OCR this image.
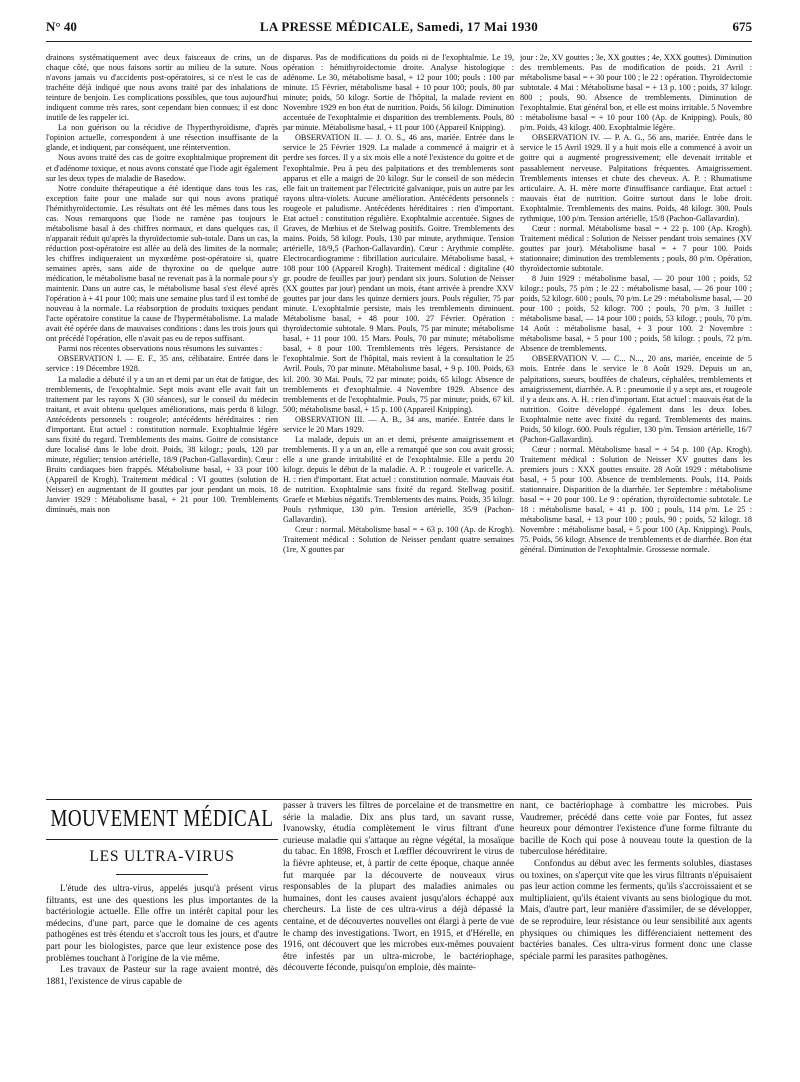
N° 40	LA PRESSE MÉDICALE, Samedi, 17 Mai 1930	675

drainons systématiquement avec deux faisceaux de crins, un de chaque côté, que nous faisons sortir au milieu de la suture. Nous n'avons jamais vu d'accidents post-opératoires, si ce n'est le cas de trachéite déjà indiqué que nous avons traité par des inhalations de teinture de benjoin. Les complications possibles, que tous aujourd'hui indiquent comme très rares, sont cependant bien connues; il est donc inutile de les rappeler ici.

La non guérison ou la récidive de l'hyperthyroïdisme, d'après l'opinion actuelle, correspondent à une résection insuffisante de la glande, et indiquent, par conséquent, une réintervention.

Nous avons traité des cas de goitre exophtalmique proprement dit et d'adénome toxique, et nous avons constaté que l'iode agit également sur les deux types de maladie de Basedow.

Notre conduite thérapeutique a été identique dans tous les cas, exception faite pour une malade sur qui nous avons pratiqué l'hémithyroïdectomie. Les résultats ont été les mêmes dans tous les cas. Nous remarquons que l'iode ne ramène pas toujours le métabolisme basal à des chiffres normaux, et dans quelques cas, il n'apparait réduit qu'après la thyroïdectomie sub-totale. Dans un cas, la réduction post-opératoire est allée au delà des limites de la normale; les chiffres indiqueraient un myxœdème post-opératoire si, quatre semaines après, sans aide de thyroxine ou de quelque autre médication, le métabolisme basal ne revenait pas à la normale pour s'y maintenir. Dans un autre cas, le métabolisme basal s'est élevé après l'opération à + 41 pour 100; mais une semaine plus tard il est tombé de nouveau à la normale. La réabsorption de produits toxiques pendant l'acte opératoire constitue la cause de l'hypermétabolisme. La malade avait été opérée dans de mauvaises conditions : dans les trois jours qui ont précédé l'opération, elle n'avait pas eu de repos suffisant.

Parmi nos récentes observations nous résumons les suivantes :

OBSERVATION I. — E. F., 35 ans, célibataire. Entrée dans le service : 19 Décembre 1928.

La maladie a débuté il y a un an et demi par un état de fatigue, des tremblements, de l'exophtalmie. Sept mois avant elle avait fait un traitement par les rayons X (30 séances), sur le conseil du médecin traitant, et avait obtenu quelques améliorations, mais perdu 8 kilogr. Antécédents personnels : rougeole; antécédents héréditaires : rien d'important. Etat actuel : constitution normale. Exophtalmie légère sans fixité du regard. Tremblements des mains. Goitre de consistance dure localisé dans le lobe droit. Poids, 38 kilogr.; pouls, 120 par minute, régulier; tension artérielle, 18/9 (Pachon-Gallavardin). Cœur : Bruits cardiaques bien frappés. Métabolisme basal, + 33 pour 100 (Appareil de Krogh). Traitement médical : VI gouttes (solution de Neisser) en augmentant de II gouttes par jour pendant un mois. 18 Janvier 1929 : Métabolisme basal, + 21 pour 100. Tremblements diminués, mais non

disparus. Pas de modifications du poids ni de l'exophtalmie. Le 19, opération : hémithyroïdectomie droite. Analyse histologique : adénome. Le 30, métabolisme basal, + 12 pour 100; pouls : 100 par minute. 15 Février, métabolisme basal + 10 pour 100; pouls, 80 par minute; poids, 50 kilogr. Sortie de l'hôpital, la malade revient en Novembre 1929 en bon état de nutrition. Poids, 56 kilogr. Diminution accentuée de l'exophtalmie et disparition des tremblements. Pouls, 80 par minute. Métabolisme basal, + 11 pour 100 (Appareil Knipping).

OBSERVATION II. — J. O. S., 46 ans, mariée. Entrée dans le service le 25 Février 1929. La malade a commencé à maigrir et à perdre ses forces. Il y a six mois elle a noté l'existence du goitre et de l'exophtalmie. Peu à peu des palpitations et des tremblements sont apparus et elle a maigri de 20 kilogr. Sur le conseil de son médecin elle fait un traitement par l'électricité galvanique, puis un autre par les rayons ultra-violets. Aucune amélioration. Antécédents personnels : rougeole et paludisme. Antécédents héréditaires : rien d'important. Etat actuel : constitution régulière. Exophtalmie accentuée. Signes de Graves, de Mœbius et de Stelwag positifs. Goitre. Tremblements des mains. Poids, 58 kilogr. Pouls, 130 par minute, arythmique. Tension artérielle, 18/9,5 (Pachon-Gallavardin). Cœur : Arythmie complète. Electrocardiogramme : fibrillation auriculaire. Métabolisme basal, + 108 pour 100 (Appareil Krogh). Traitement médical : digitaline (40 gr. poudre de feuilles par jour) pendant six jours. Solution de Neisser (XX gouttes par jour) pendant un mois, étant arrivée à prendre XXV gouttes par jour dans les quinze derniers jours. Pouls régulier, 75 par minute. L'exophtalmie persiste, mais les tremblements diminuent. Métabolisme basal, + 48 pour 100. 27 Février. Opération : thyroïdectomie subtotale. 9 Mars. Pouls, 75 par minute; métabolisme basal, + 11 pour 100. 15 Mars. Pouls, 70 par minute; métabolisme basal, + 8 pour 100. Tremblements très légers. Persistance de l'exophtalmie. Sort de l'hôpital, mais revient à la consultation le 25 Avril. Pouls, 70 par minute. Métabolisme basal, + 9 p. 100. Poids, 63 kil. 200. 30 Mai. Pouls, 72 par minute; poids, 65 kilogr. Absence de tremblements et d'exophtalmie. 4 Novembre 1929. Absence des tremblements et de l'exophtalmie. Pouls, 75 par minute; poids, 67 kil. 500; métabolisme basal, + 15 p. 100 (Appareil Knipping).

OBSERVATION III. — A. B., 34 ans, mariée. Entrée dans le service le 20 Mars 1929.

La malade, depuis un an et demi, présente amaigrissement et tremblements. Il y a un an, elle a remarqué que son cou avait grossi; elle a une grande irritabilité et de l'exophtalmie. Elle a perdu 20 kilogr. depuis le début de la maladie. A. P. : rougeole et varicelle. A. H. : rien d'important. Etat actuel : constitution normale. Mauvais état de nutrition. Exophtalmie sans fixité du regard. Stellwag positif. Graefe et Mœbius négatifs. Tremblements des mains. Poids, 35 kilogr. Pouls rythmique, 130 p/m. Tension artérielle, 35/9 (Pachon-Gallavardin).

Cœur : normal. Métabolisme basal = + 63 p. 100 (Ap. de Krogh). Traitement médical : Solution de Neisser pendant quatre semaines (1re, X gouttes par

jour : 2e, XV gouttes ; 3e, XX gouttes ; 4e, XXX gouttes). Diminution des tremblements. Pas de modification de poids. 21 Avril : métabolisme basal = + 30 pour 100 ; le 22 : opération. Thyroïdectomie subtotale. 4 Mai : Métabolisme basal = + 13 p. 100 ; poids, 37 kilogr. 800 ; pouls, 90. Absence de tremblements. Diminution de l'exophtalmie. Etat général bon, et elle est moins irritable. 5 Novembre : métabolisme basal = + 10 pour 100 (Ap. de Knipping). Pouls, 80 p/m. Poids, 43 kilogr. 400. Exophtalmie légère.

OBSERVATION IV. — P. A. G., 56 ans, mariée. Entrée dans le service le 15 Avril 1929. Il y a huit mois elle a commencé à avoir un goitre qui a augmenté progressivement; elle devenait irritable et passablement nerveuse. Palpitations fréquentes. Amaigrissement. Tremblements intenses et chute des cheveux. A. P. : Rhumatisme articulaire. A. H. mère morte d'insuffisance cardiaque. Etat actuel : mauvais état de nutrition. Goitre surtout dans le lobe droit. Exophtalmie. Tremblements des mains. Poids, 48 kilogr. 300. Pouls rythmique, 100 p/m. Tension artérielle, 15/8 (Pachon-Gallavardin).

Cœur : normal. Métabolisme basal = + 22 p. 100 (Ap. Krogh). Traitement médical : Solution de Neisser pendant trois semaines (XV gouttes par jour). Métabolisme basal = + 7 pour 100. Poids stationnaire; diminution des tremblements ; pouls, 80 p/m. Opération, thyroïdectomie subtotale.

8 Juin 1929 : métabolisme basal, — 20 pour 100 ; poids, 52 kilogr.; pouls, 75 p/m ; le 22 : métabolisme basal, — 26 pour 100 ; poids, 52 kilogr. 600 ; pouls, 70 p/m. Le 29 : métabolisme basal, — 20 pour 100 ; poids, 52 kilogr. 700 ; pouls, 70 p/m. 3 Juillet : métabolisme basal, — 14 pour 100 ; poids, 53 kilogr. ; pouls, 70 p/m. 14 Août : métabolisme basal, + 3 pour 100. 2 Novembre : métabolisme basal, + 5 pour 100 ; poids, 58 kilogr. ; pouls, 72 p/m. Absence de tremblements.

OBSERVATION V. — C... N..., 20 ans, mariée, enceinte de 5 mois. Entrée dans le service le 8 Août 1929. Depuis un an, palpitations, sueurs, bouffées de chaleurs, céphalées, tremblements et amaigrissement, diarrhée. A. P. : pneumonie il y a sept ans, et rougeole il y a deux ans. A. H. : rien d'important. Etat actuel : mauvais état de la nutrition. Goitre développé également dans les deux lobes. Exophtalmie nette avec fixité du regard. Tremblements des mains. Poids, 50 kilogr. 600. Pouls régulier, 130 p/m. Tension artérielle, 16/7 (Pachon-Gallavardin).

Cœur : normal. Métabolisme basal = + 54 p. 100 (Ap. Krogh). Traitement médical : Solution de Neisser XV gouttes dans les premiers jours : XXX gouttes ensuite. 28 Août 1929 : métabolisme basal, + 5 pour 100. Absence de tremblements. Pouls, 114. Poids stationnaire. Disparition de la diarrhée. 1er Septembre : métabolisme basal = + 20 pour 100. Le 9 : opération, thyroïdectomie subtotale. Le 18 : métabolisme basal, + 41 p. 100 ; pouls, 114 p/m. Le 25 : métabolisme basal, + 13 pour 100 ; pouls, 90 ; poids, 52 kilogr. 18 Novembre : métabolisme basal, + 5 pour 100 (Ap. Knipping). Pouls, 75. Poids, 56 kilogr. Absence de tremblements et de diarrhée. Bon état général. Diminution de l'exophtalmie. Grossesse normale.

MOUVEMENT MÉDICAL
LES ULTRA-VIRUS

L'étude des ultra-virus, appelés jusqu'à présent virus filtrants, est une des questions les plus importantes de la bactériologie actuelle. Elle offre un intérêt capital pour les médecins, d'une part, parce que le domaine de ces agents pathogènes est très étendu et s'accroît tous les jours, et d'autre part pour les biologistes, parce que leur existence pose des problèmes touchant à l'origine de la vie même.

Les travaux de Pasteur sur la rage avaient montré, dès 1881, l'existence de virus capable de

passer à travers les filtres de porcelaine et de transmettre en série la maladie. Dix ans plus tard, un savant russe, Ivanowsky, étudia complètement le virus filtrant d'une curieuse maladie qui s'attaque au règne végétal, la mosaïque du tabac. En 1898, Frosch et Lœffler découvrirent le virus de la fièvre aphteuse, et, à partir de cette époque, chaque année fut marquée par la découverte de nouveaux virus responsables de la plupart des maladies animales ou humaines, dont les causes avaient jusqu'alors échappé aux chercheurs. La liste de ces ultra-virus a déjà dépassé la centaine, et de découvertes nouvelles ont élargi à perte de vue le champ des investigations. Twort, en 1915, et d'Hérelle, en 1916, ont découvert que les microbes eux-mêmes pouvaient être infestés par un ultra-microbe, le bactériophage, découverte féconde, puisqu'on emploie, dès mainte-

nant, ce bactériophage à combattre les microbes. Puis Vaudremer, précédé dans cette voie par Fontes, fut assez heureux pour démontrer l'existence d'une forme filtrante du bacille de Koch qui pose à nouveau toute la question de la tuberculose héréditaire.

Confondus au début avec les ferments solubles, diastases ou toxines, on s'aperçut vite que les virus filtrants n'épuisaient pas leur action comme les ferments, qu'ils s'accroissaient et se multipliaient, qu'ils étaient vivants au sens biologique du mot. Mais, d'autre part, leur manière d'assimiler, de se développer, de se reproduire, leur résistance ou leur sensibilité aux agents physiques ou chimiques les différenciaient nettement des bactéries banales. Ces ultra-virus forment donc une classe spéciale parmi les parasites pathogènes.
